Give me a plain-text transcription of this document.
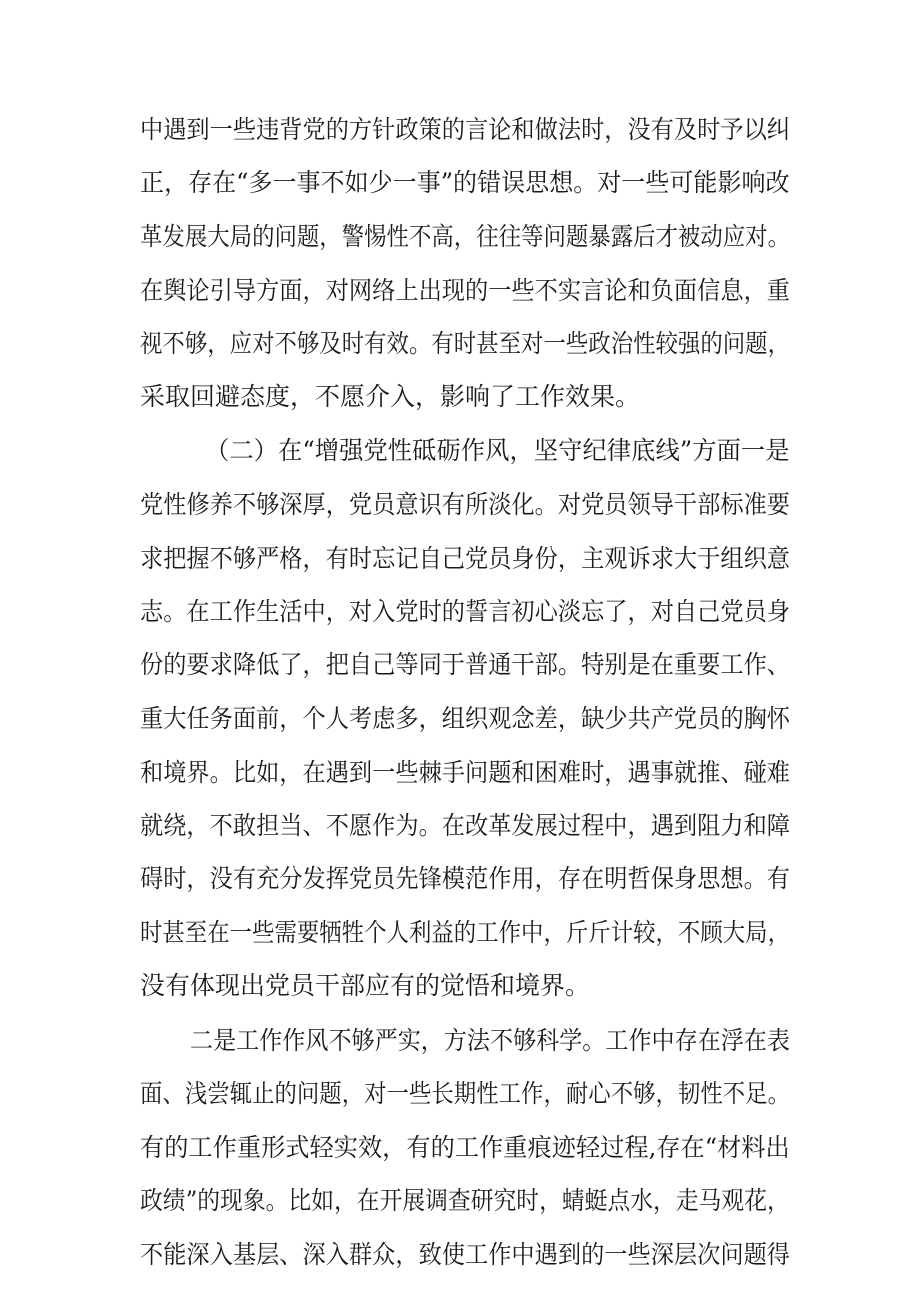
中遇到一些违背党的方针政策的言论和做法时，没有及时予以纠
正，存在“多一事不如少一事”的错误思想。对一些可能影响改
革发展大局的问题，警惕性不高，往往等问题暴露后才被动应对。
在舆论引导方面，对网络上出现的一些不实言论和负面信息，重
视不够，应对不够及时有效。有时甚至对一些政治性较强的问题，
采取回避态度，不愿介入，影响了工作效果。
（二）在“增强党性砥砺作风，坚守纪律底线”方面一是
党性修养不够深厚，党员意识有所淡化。对党员领导干部标准要
求把握不够严格，有时忘记自己党员身份，主观诉求大于组织意
志。在工作生活中，对入党时的誓言初心淡忘了，对自己党员身
份的要求降低了，把自己等同于普通干部。特别是在重要工作、
重大任务面前，个人考虑多，组织观念差，缺少共产党员的胸怀
和境界。比如，在遇到一些棘手问题和困难时，遇事就推、碰难
就绕，不敢担当、不愿作为。在改革发展过程中，遇到阻力和障
碍时，没有充分发挥党员先锋模范作用，存在明哲保身思想。有
时甚至在一些需要牺牲个人利益的工作中，斤斤计较，不顾大局，
没有体现出党员干部应有的觉悟和境界。
二是工作作风不够严实，方法不够科学。工作中存在浮在表
面、浅尝辄止的问题，对一些长期性工作，耐心不够，韧性不足。
有的工作重形式轻实效，有的工作重痕迹轻过程,存在“材料出
政绩”的现象。比如，在开展调查研究时，蜻蜓点水，走马观花，
不能深入基层、深入群众，致使工作中遇到的一些深层次问题得
